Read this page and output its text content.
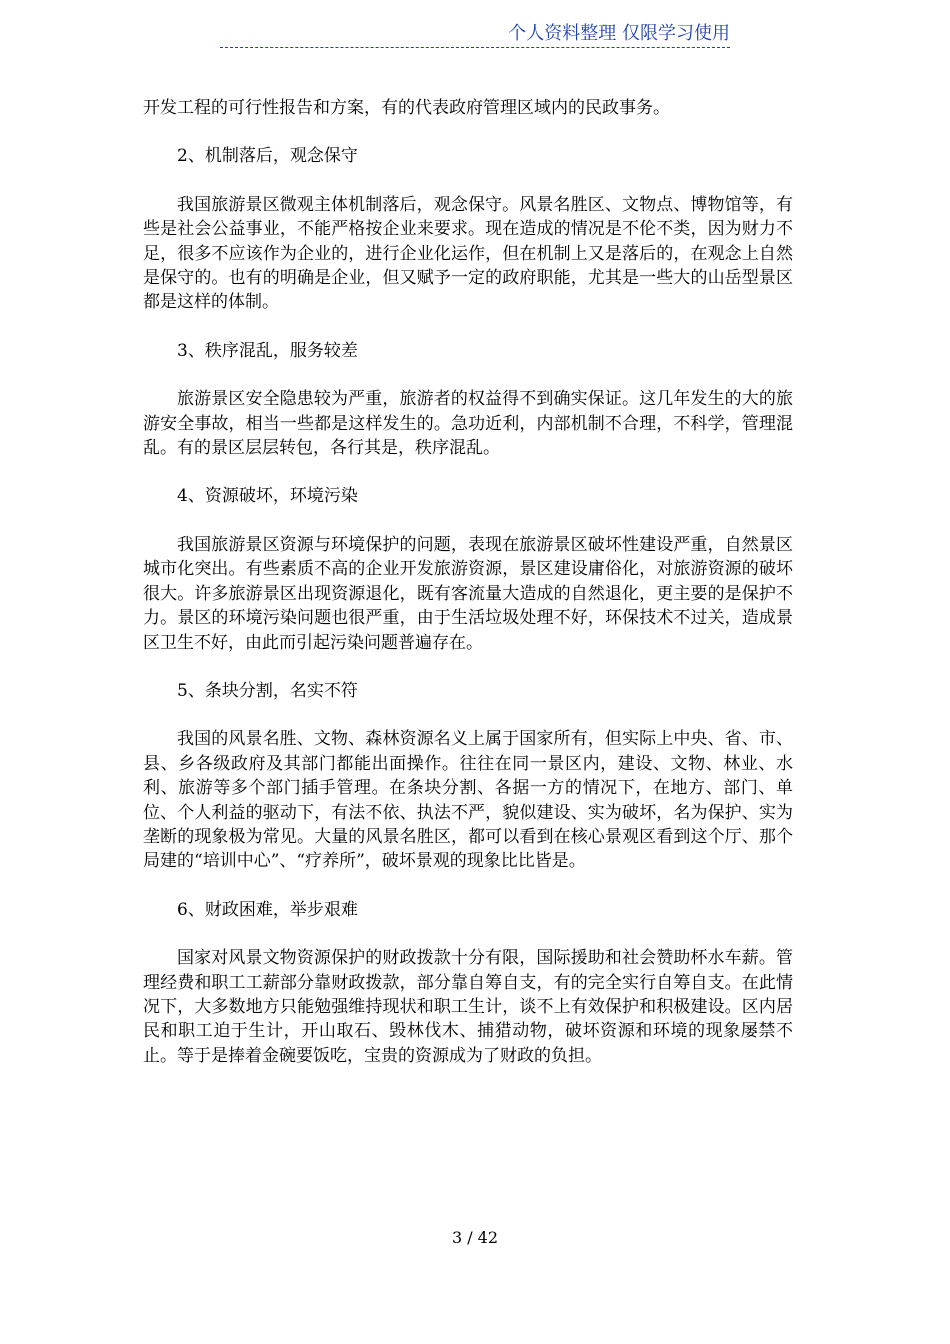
个人资料整理 仅限学习使用

开发工程的可行性报告和方案，有的代表政府管理区域内的民政事务。

2、机制落后，观念保守

我国旅游景区微观主体机制落后，观念保守。风景名胜区、文物点、博物馆等，有些是社会公益事业，不能严格按企业来要求。现在造成的情况是不伦不类，因为财力不足，很多不应该作为企业的，进行企业化运作，但在机制上又是落后的，在观念上自然是保守的。也有的明确是企业，但又赋予一定的政府职能，尤其是一些大的山岳型景区都是这样的体制。

3、秩序混乱，服务较差

旅游景区安全隐患较为严重，旅游者的权益得不到确实保证。这几年发生的大的旅游安全事故，相当一些都是这样发生的。急功近利，内部机制不合理，不科学，管理混乱。有的景区层层转包，各行其是，秩序混乱。

4、资源破坏，环境污染

我国旅游景区资源与环境保护的问题，表现在旅游景区破坏性建设严重，自然景区城市化突出。有些素质不高的企业开发旅游资源，景区建设庸俗化，对旅游资源的破坏很大。许多旅游景区出现资源退化，既有客流量大造成的自然退化，更主要的是保护不力。景区的环境污染问题也很严重，由于生活垃圾处理不好，环保技术不过关，造成景区卫生不好，由此而引起污染问题普遍存在。

5、条块分割，名实不符

我国的风景名胜、文物、森林资源名义上属于国家所有，但实际上中央、省、市、县、乡各级政府及其部门都能出面操作。往往在同一景区内，建设、文物、林业、水利、旅游等多个部门插手管理。在条块分割、各据一方的情况下，在地方、部门、单位、个人利益的驱动下，有法不依、执法不严，貌似建设、实为破坏，名为保护、实为垄断的现象极为常见。大量的风景名胜区，都可以看到在核心景观区看到这个厅、那个局建的“培训中心”、“疗养所”，破坏景观的现象比比皆是。

6、财政困难，举步艰难

国家对风景文物资源保护的财政拨款十分有限，国际援助和社会赞助杯水车薪。管理经费和职工工薪部分靠财政拨款，部分靠自筹自支，有的完全实行自筹自支。在此情况下，大多数地方只能勉强维持现状和职工生计，谈不上有效保护和积极建设。区内居民和职工迫于生计，开山取石、毁林伐木、捕猎动物，破坏资源和环境的现象屡禁不止。等于是捧着金碗要饭吃，宝贵的资源成为了财政的负担。

3 / 42
